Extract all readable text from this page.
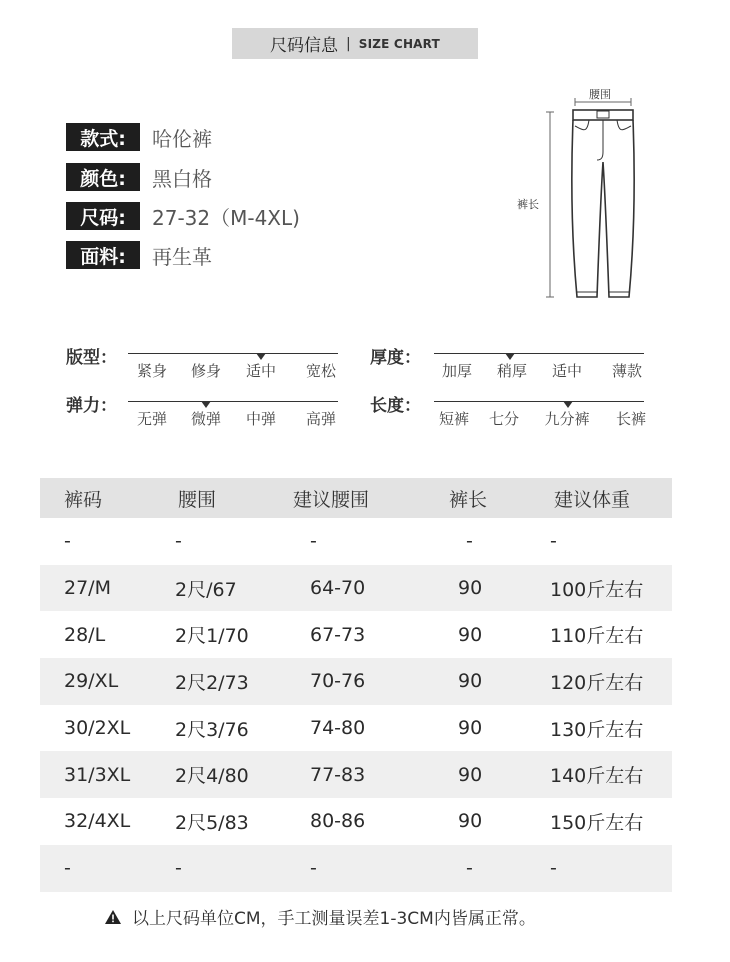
尺码信息 | SIZE CHART
款式:	哈伦裤
颜色:	黑白格
尺码:	27-32（M-4XL)
面料:	再生革
腰围
裤长
版型：
紧身	修身	适中	宽松
厚度：
加厚	稍厚	适中	薄款
弹力：
无弹	微弹	中弹	高弹
长度：
短裤	七分	九分裤	长裤
裤码	腰围	建议腰围	裤长	建议体重
-	-	-	-	-
27/M	2尺/67	64-70	90	100斤左右
28/L	2尺1/70	67-73	90	110斤左右
29/XL	2尺2/73	70-76	90	120斤左右
30/2XL 2尺3/76	74-80	90	130斤左右
31/3XL 2尺4/80	77-83	90	140斤左右
32/4XL 2尺5/83	80-86	90	150斤左右
-	-	-	-	-
以上尺码单位CM，手工测量误差1-3CM内皆属正常。
